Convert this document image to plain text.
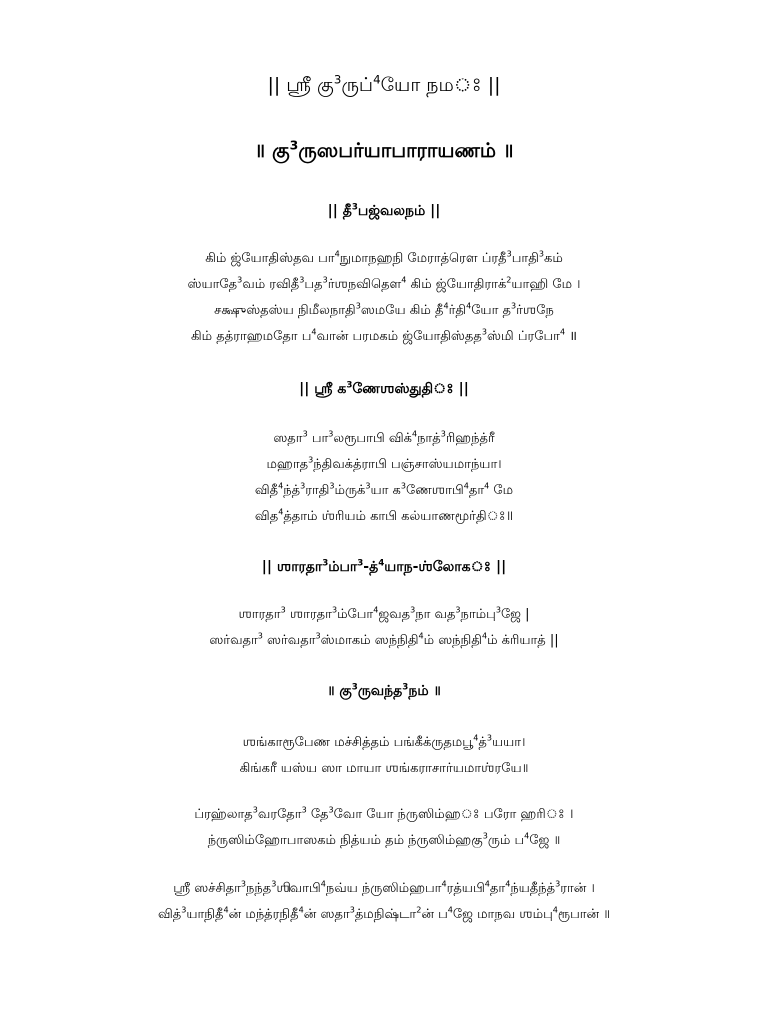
|| ஶ்ரீ கு$^3$ருப்$^4$யோ நமঃ ||
॥ கு$^3$ருஸபர்யாபாராயணம் ॥
|| தீ$^3$பஜ்வலநம் ||
கிம் ஜ்யோதிஸ்தவ பா$^4$நுமாநஹநி மேராத்ரௌ ப்ரதீ$^3$பாதி$^3$கம்
ஸ்யாதே$^3$வம் ரவிதீ$^3$பத$^3$ர்ஶநவிதௌ$^4$ கிம் ஜ்யோதிராக்$^2$யாஹி மே ।
சக்ஷுஸ்தஸ்ய நிமீலநாதி$^3$ஸமயே கிம் தீ$^4$ர்தி$^4$யோ த$^3$ர்ஶநே
கிம் தத்ராஹமதோ ப$^4$வான் பரமகம் ஜ்யோதிஸ்தத$^3$ஸ்மி ப்ரபோ$^4$ ॥
|| ஶ்ரீ க$^3$ணேஶஸ்துதிঃ ||
ஸதா$^3$ பா$^3$லரூபாபி விக்$^4$நாத்$^3$ரிஹந்த்ரீ
மஹாத$^3$ந்திவக்த்ராபி பஞ்சாஸ்யமாந்யா।
விதீ$^4$ந்த்$^3$ராதி$^3$ம்ருக்$^3$யா க$^3$ணேஶாபி$^4$தா$^4$ மே
வித$^4$த்தாம் ஶ்ரியம் காபி கல்யாணமூர்திঃ॥
|| ஶாரதா$^3$ம்பா$^3$-த்$^4$யாந-ஶ்லோகঃ ||
ஶாரதா$^3$ ஶாரதா$^3$ம்போ$^4$ஜவத$^3$நா வத$^3$நாம்பு$^3$ஜே |
ஸர்வதா$^3$ ஸர்வதா$^3$ஸ்மாகம் ஸந்நிதி$^4$ம் ஸந்நிதி$^4$ம் க்ரியாத் ||
॥ கு$^3$ருவந்த$^3$நம் ॥
ஶங்காரூபேண மச்சித்தம் பங்கீக்ருதமபூ$^4$த்$^3$யயா।
கிங்கரீ யஸ்ய ஸா மாயா ஶங்கராசார்யமாஶ்ரயே॥
ப்ரஹ்லாத$^3$வரதோ$^3$ தே$^3$வோ யோ ந்ருஸிம்ஹঃ பரோ ஹரிঃ ।
ந்ருஸிம்ஹோபாஸகம் நித்யம் தம் ந்ருஸிம்ஹகு$^3$ரும் ப$^4$ஜே ॥
ஶ்ரீ ஸச்சிதா$^3$நந்த$^3$ஶிவாபி$^4$நவ்ய ந்ருஸிம்ஹபா$^4$ரத்யபி$^4$தா$^4$ந்யதீந்த்$^3$ரான் ।
வித்$^3$யாநிதீ$^4$ன் மந்த்ரநிதீ$^4$ன் ஸதா$^3$த்மநிஷ்டா$^2$ன் ப$^4$ஜே மாநவ ஶம்பு$^4$ரூபான் ॥
